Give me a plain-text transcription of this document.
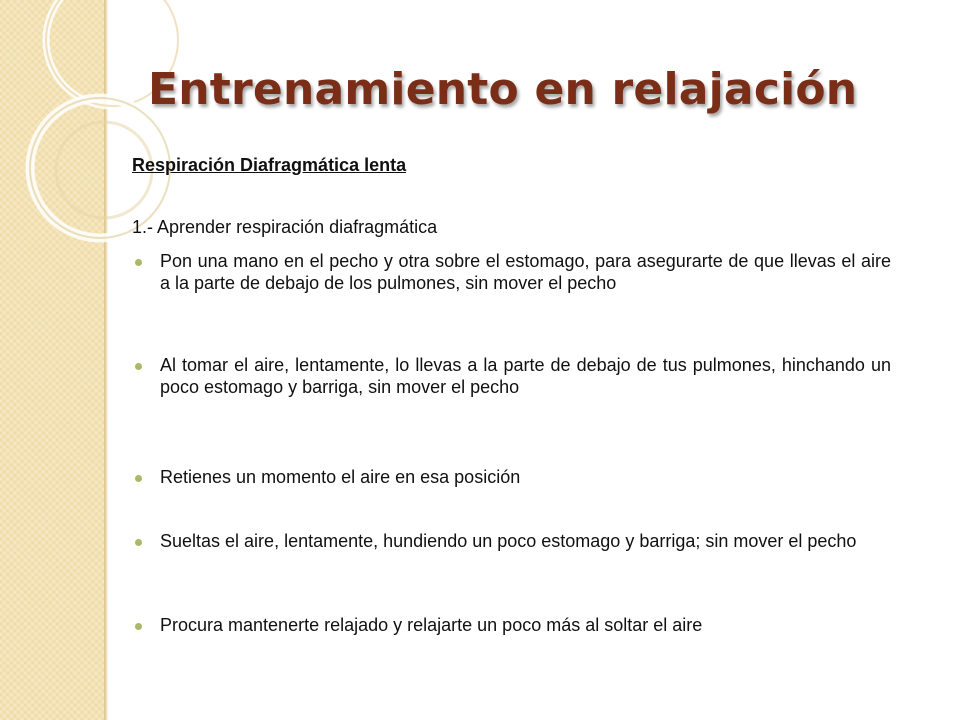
Entrenamiento en relajación

Respiración Diafragmática lenta

1.- Aprender respiración diafragmática

Pon una mano en el pecho y otra sobre el estomago, para asegurarte de que llevas el aire a la parte de debajo de los pulmones, sin mover el pecho

Al tomar el aire, lentamente, lo llevas a la parte de debajo de tus pulmones, hinchando un poco estomago y barriga, sin mover el pecho

Retienes un momento el aire en esa posición

Sueltas el aire, lentamente, hundiendo un poco estomago y barriga; sin mover el pecho

Procura mantenerte relajado y relajarte un poco más al soltar el aire
